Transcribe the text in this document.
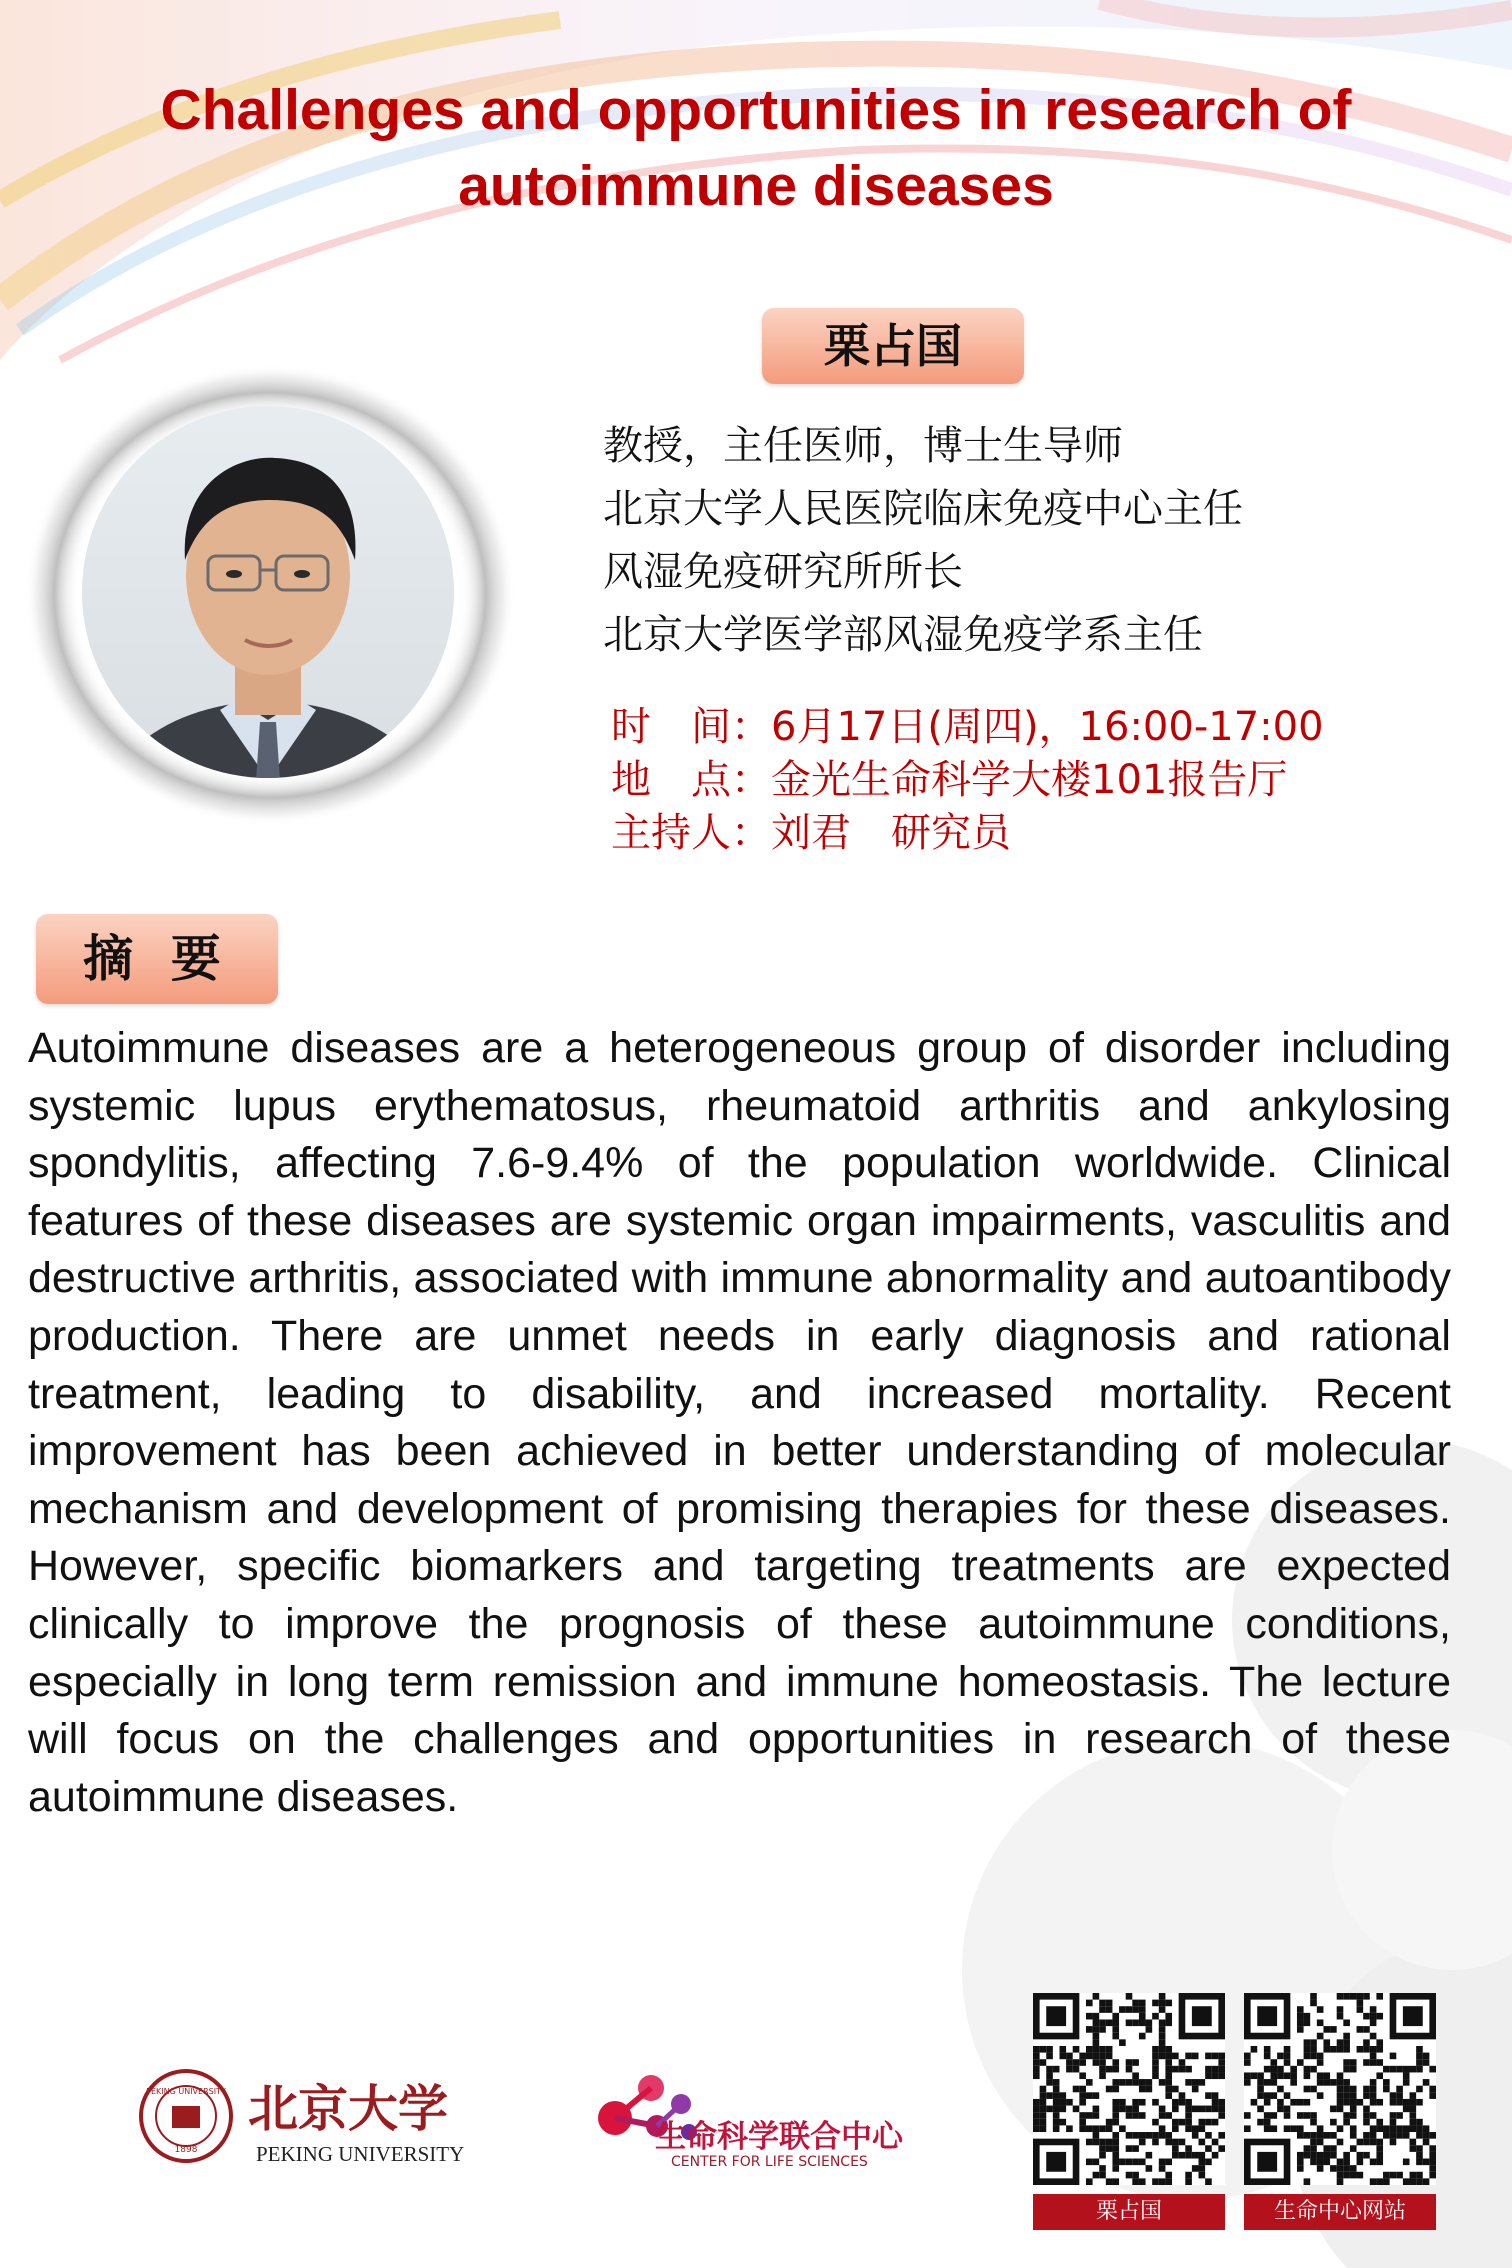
Challenges and opportunities in research of autoimmune diseases
栗占国
教授，主任医师，博士生导师
北京大学人民医院临床免疫中心主任
风湿免疫研究所所长
北京大学医学部风湿免疫学系主任
时　间：6月17日(周四)，16:00-17:00
地　点：金光生命科学大楼101报告厅
主持人：刘君　研究员
摘 要
Autoimmune diseases are a heterogeneous group of disorder including systemic lupus erythematosus, rheumatoid arthritis and ankylosing spondylitis, affecting 7.6-9.4% of the population worldwide. Clinical features of these diseases are systemic organ impairments, vasculitis and destructive arthritis, associated with immune abnormality and autoantibody production. There are unmet needs in early diagnosis and rational treatment, leading to disability, and increased mortality. Recent improvement has been achieved in better understanding of molecular mechanism and development of promising therapies for these diseases. However, specific biomarkers and targeting treatments are expected clinically to improve the prognosis of these autoimmune conditions, especially in long term remission and immune homeostasis. The lecture will focus on the challenges and opportunities in research of these autoimmune diseases.
PEKING UNIVERSITY
1898
北京大学
PEKING UNIVERSITY	生命科学联合中心
CENTER FOR LIFE SCIENCES
栗占国	生命中心网站
